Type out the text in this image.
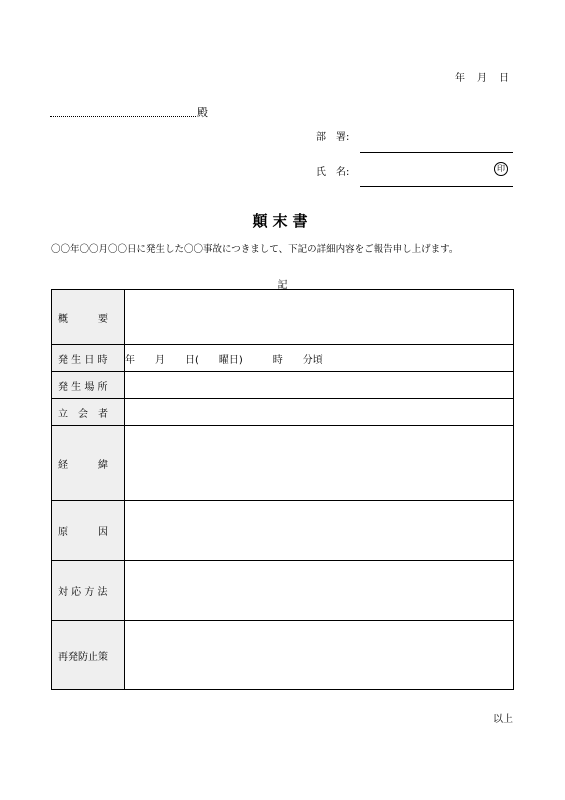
年　月　日
殿
部　署:
氏　名:	印
顛末書
〇〇年〇〇月〇〇日に発生した〇〇事故につきまして、下記の詳細内容をご報告申し上げます。
記
概　　　要	
発 生 日 時	年　　月　　日(　　曜日)　　　時　　分頃
発 生 場 所	
立　会　者	
経　　　緯	
原　　　因	
対 応 方 法	
再発防止策	
以上
